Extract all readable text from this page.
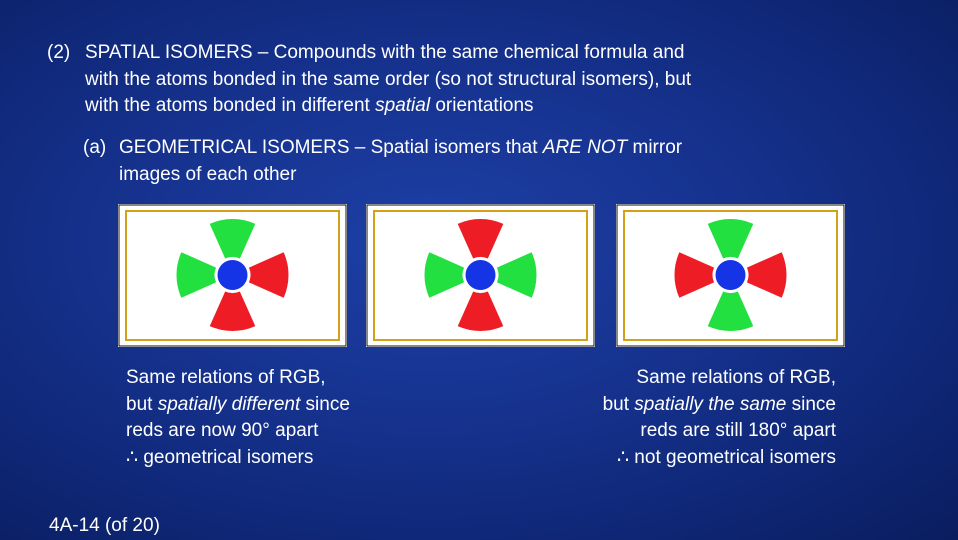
(2) SPATIAL ISOMERS – Compounds with the same chemical formula and
with the atoms bonded in the same order (so not structural isomers), but
with the atoms bonded in different spatial orientations
(a) GEOMETRICAL ISOMERS – Spatial isomers that ARE NOT mirror
images of each other
Same relations of RGB,
but spatially different since
reds are now 90° apart
∴ geometrical isomers
Same relations of RGB,
but spatially the same since
reds are still 180° apart
∴ not geometrical isomers
4A-14 (of 20)
